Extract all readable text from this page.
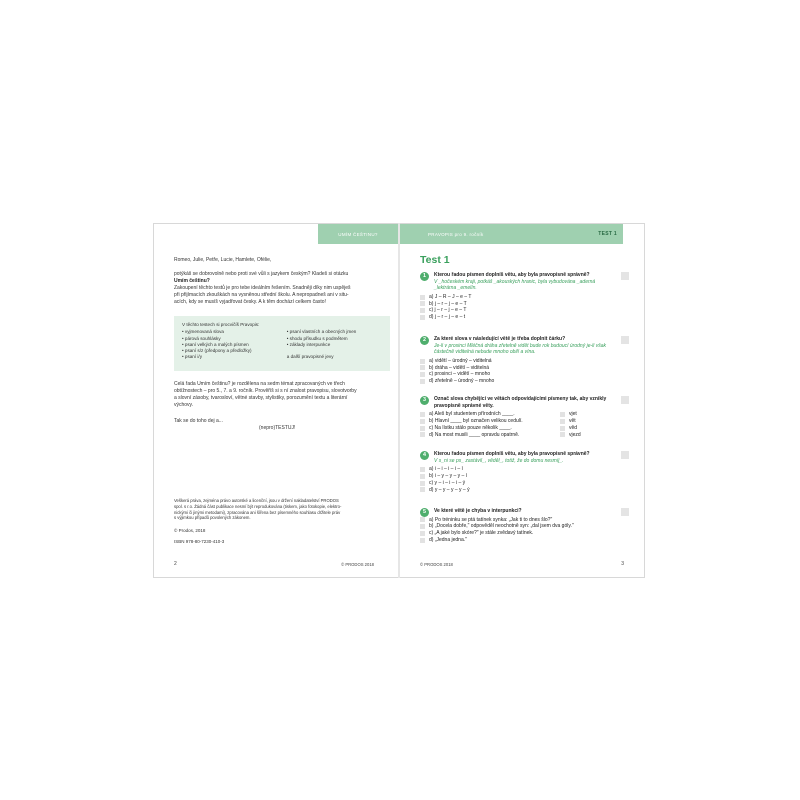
UMÍM ČEŠTINU?
Romeo, Julie, Petře, Lucie, Hamlete, Ofélie,
potýkáš se dobrovolně nebo proti své vůli s jazykem českým? Kladeš si otázku
Umím češtinu?
Zakoupení těchto testů je pro tebe ideálním řešením. Snadněji díky nim uspěješ
při přijímacích zkouškách na vysněnou střední školu. A nepropadneš ani v situ-
acích, kdy se musíš vyjadřovat česky. A k těm dochází celkem často!
V těchto testech si procvičíš Pravopis:
• vyjmenovaná slova
• párová souhlásky
• psaní velkých a malých písmen
• psaní s/z (předpony a předložky)
• psaní i/y
• psaní vlastních a obecných jmen
• shodu přísudku s podmětem
• základy interpunkce
a další pravopisné jevy
Celá řada Umím češtinu? je rozdělena na sedm témat zpracovaných ve třech
obtížnostech – pro 5., 7. a 9. ročník. Prověříš si s ní znalost pravopisu, slovotvorby
a slovní zásoby, tvarosloví, větné stavby, stylistiky, porozumění textu a literární
výchovy.
Tak se do toho dej a...
(nepro)TESTUJ!
Veškerá práva, zejména právo autorské a licenční, jsou v držení nakladatelství PRODOS
spol. s r.o. Žádná část publikace nesmí být reprodukována (tiskem, jako fotokopie, elektro-
nickými či jinými metodami), zpracována ani šířena bez písemného souhlasu držitele práv
s výjimkou případů povolených zákonem.
© Prodos, 2018
ISBN 978-80-7230-410-3
2	© PRODOS 2018
PRAVOPIS pro 9. ročník	TEST 1
Test 1
1	Kterou řadou písmen doplníš větu, aby byla pravopisně správně?
V _hočeském kraji, potkáš _akouských hranic, byla vybudována _aderná _lektrárna _emelín.
a) J – R – J – e – T
b) j – r – j – e – T
c) j – r – j – e – T
d) j – r – j – e – t
2	Za které slova v následující větě je třeba doplnit čárku?
Je-li v prosinci Mléčná dráha zřetelně vidět bude rok budoucí úrodný je-li však částečně viditelná nebude mnoho obilí a vína.
a) vidětí – úrodný – viditelná
b) dráha – vidětí – viditelná
c) prosinci – vidětí – mnoho
d) zřetelně – úrodný – mnoho
3	Označ slova chybějící ve větách odpovídajícími písmeny tak, aby vznikly pravopisně správné věty.
a) Aleš byl studentem přírodních ____.	vjet
b) Hlavní ____ byl označen velikou cedulí.	vět
c) Na lístku stálo pouze několik ____.	věd
d) Na most musili ____ opravdu opatrně.	vjezd
4	Kterou řadou písmen doplníš větu, aby byla pravopisně správně?
V s_ni se ps_ zastávil_, věděl_, totiž, že do domu nesmíj_.
a) i – i – i – i – í
b) i – y – y – y – í
c) y – i – i – i – ý
d) y – y – y – y – ý
5	Ve které větě je chyba v interpunkci?
a) Po tréninku se ptá tatínek synka: „Jak ti to dnes šlo?"
b) „Docela dobře," odpověděl neochotně syn: „dal jsem dva góly."
c) „A jaké bylo skóre?" je stále zvědavý tatínek.
d) „Jedna jedna."
© PRODOS 2018	3
